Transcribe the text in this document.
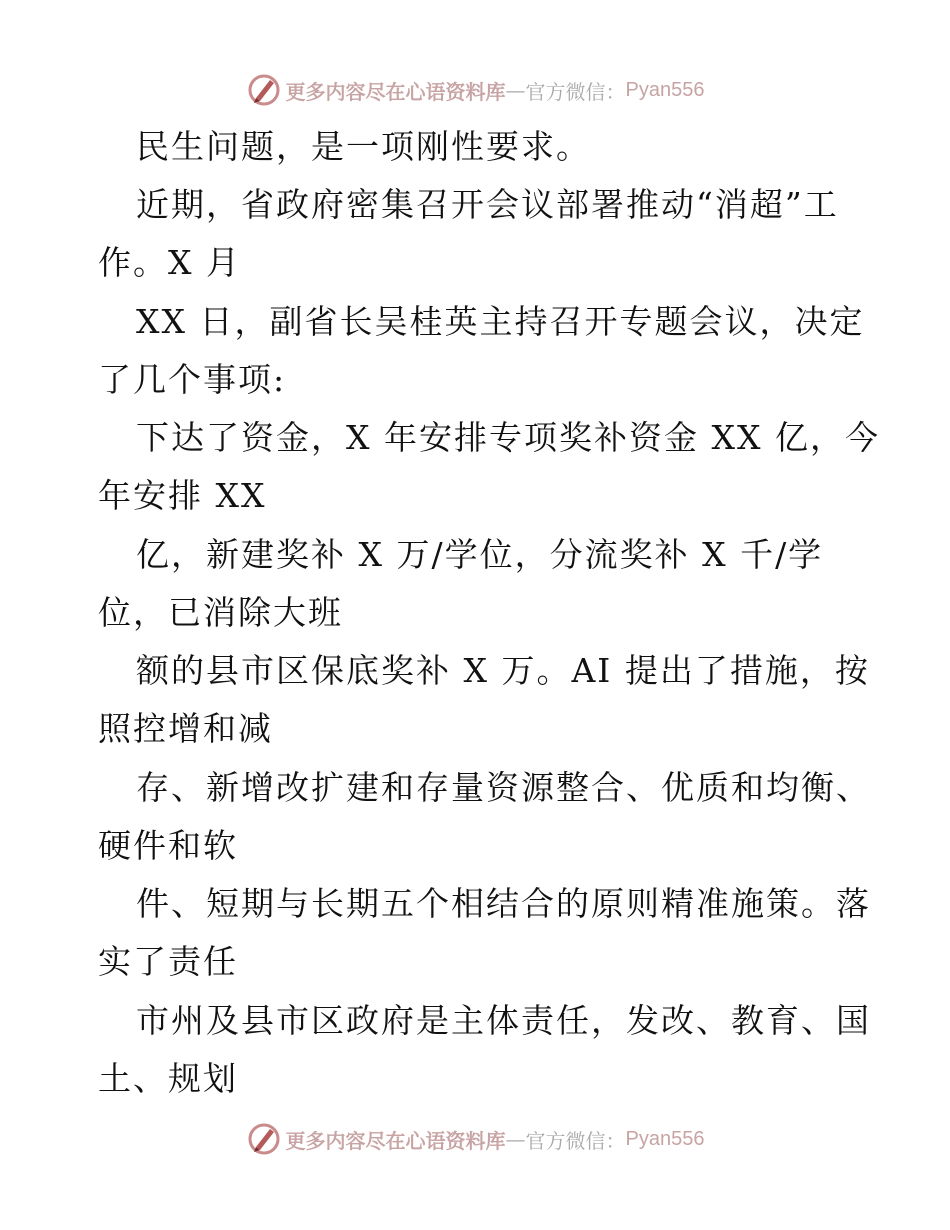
更多内容尽在心语资料库 — 官方微信： Pyan556
民生问题，是一项刚性要求。
近期，省政府密集召开会议部署推动“消超”工
作。X 月
XX 日，副省长吴桂英主持召开专题会议，决定
了几个事项:
下达了资金，X 年安排专项奖补资金 XX 亿，今
年安排 XX
亿，新建奖补 X 万/学位，分流奖补 X 千/学
位，已消除大班
额的县市区保底奖补 X 万。AI 提出了措施，按
照控增和减
存、新增改扩建和存量资源整合、优质和均衡、
硬件和软
件、短期与长期五个相结合的原则精准施策。落
实了责任
市州及县市区政府是主体责任，发改、教育、国
土、规划
更多内容尽在心语资料库 — 官方微信： Pyan556
